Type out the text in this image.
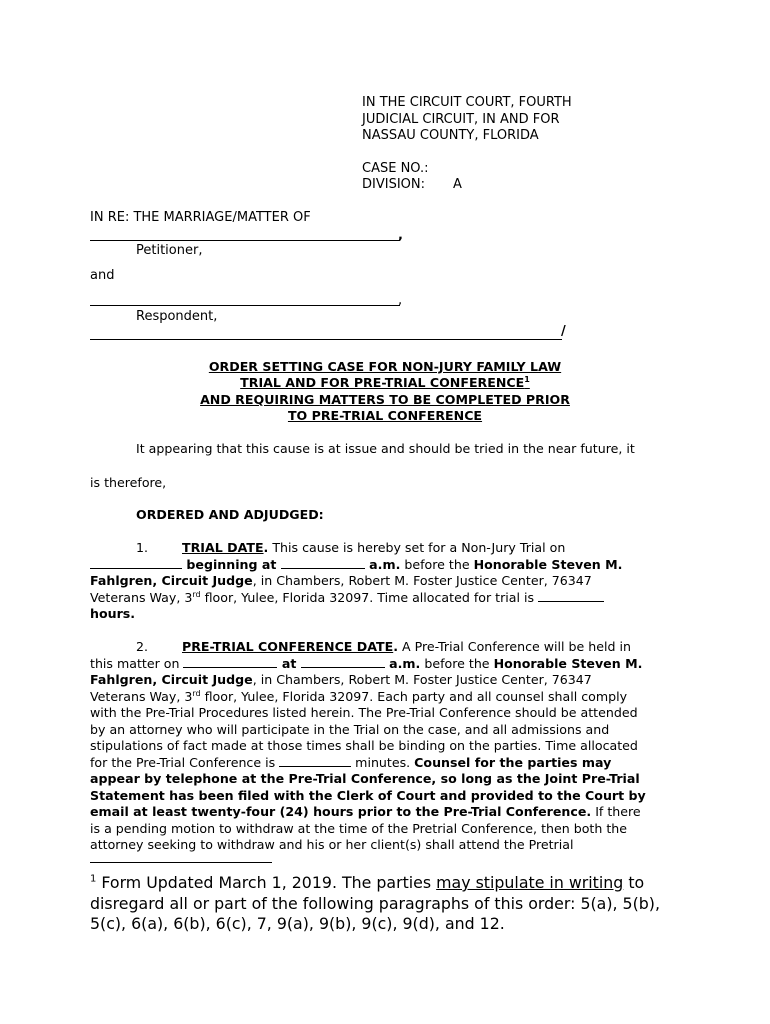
IN THE CIRCUIT COURT, FOURTH
JUDICIAL CIRCUIT, IN AND FOR
NASSAU COUNTY, FLORIDA
CASE NO.:
DIVISION: A
IN RE: THE MARRIAGE/MATTER OF
,
Petitioner,
and
,
Respondent,
/
ORDER SETTING CASE FOR NON-JURY FAMILY LAW
TRIAL AND FOR PRE-TRIAL CONFERENCE$^1$
AND REQUIRING MATTERS TO BE COMPLETED PRIOR
TO PRE-TRIAL CONFERENCE
It appearing that this cause is at issue and should be tried in the near future, it
is therefore,
ORDERED AND ADJUDGED:
1.	TRIAL DATE. This cause is hereby set for a Non-Jury Trial on
beginning at	a.m. before the Honorable Steven M.
Fahlgren, Circuit Judge, in Chambers, Robert M. Foster Justice Center, 76347
Veterans Way, 3rd floor, Yulee, Florida 32097. Time allocated for trial is
hours.
2.	PRE-TRIAL CONFERENCE DATE. A Pre-Trial Conference will be held in
this matter on	at	a.m. before the Honorable Steven M.
Fahlgren, Circuit Judge, in Chambers, Robert M. Foster Justice Center, 76347
Veterans Way, 3rd floor, Yulee, Florida 32097. Each party and all counsel shall comply
with the Pre-Trial Procedures listed herein. The Pre-Trial Conference should be attended
by an attorney who will participate in the Trial on the case, and all admissions and
stipulations of fact made at those times shall be binding on the parties. Time allocated
for the Pre-Trial Conference is	minutes. Counsel for the parties may
appear by telephone at the Pre-Trial Conference, so long as the Joint Pre-Trial
Statement has been filed with the Clerk of Court and provided to the Court by
email at least twenty-four (24) hours prior to the Pre-Trial Conference. If there
is a pending motion to withdraw at the time of the Pretrial Conference, then both the
attorney seeking to withdraw and his or her client(s) shall attend the Pretrial
$^1$ Form Updated March 1, 2019. The parties may stipulate in writing to
disregard all or part of the following paragraphs of this order: 5(a), 5(b),
5(c), 6(a), 6(b), 6(c), 7, 9(a), 9(b), 9(c), 9(d), and 12.
